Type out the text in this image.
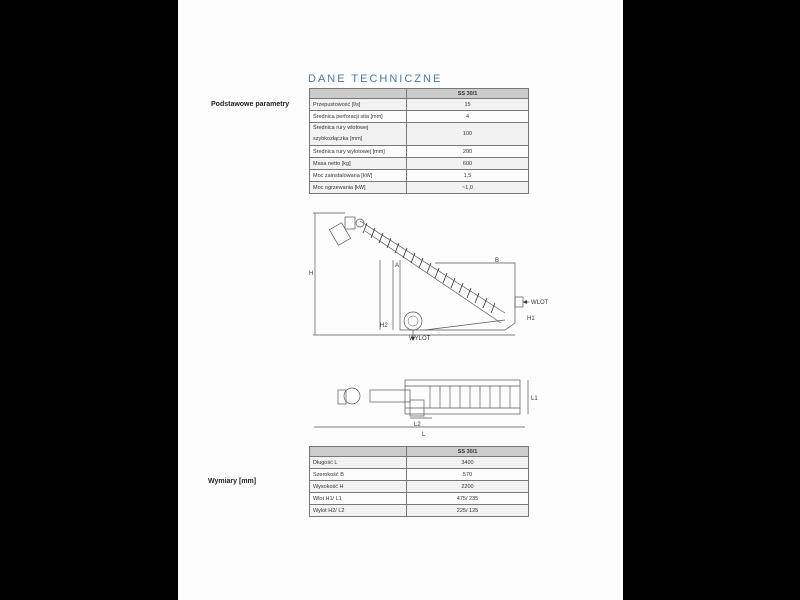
DANE TECHNICZNE
Podstawowe parametry
Wymiary [mm]
	SS 30/1
Przepustowość [l/s]	15
Średnica perforacji sita [mm]	4
Średnica rury wlotowej szybkozłączka [mm]	100
Średnica rury wylotowej [mm]	200
Masa netto [kg]	600
Moc zainstalowana [kW]	1,5
Moc ogrzewania [kW]	~1,0
H
H2
A
B
H1
WLOT
WYLOT
L2
L
L1
	SS 30/1
Długość L	3400
Szerokość B	570
Wysokość H	2200
Wlot H1/ L1	475/ 235
Wylot H2/ L2	225/ 125
